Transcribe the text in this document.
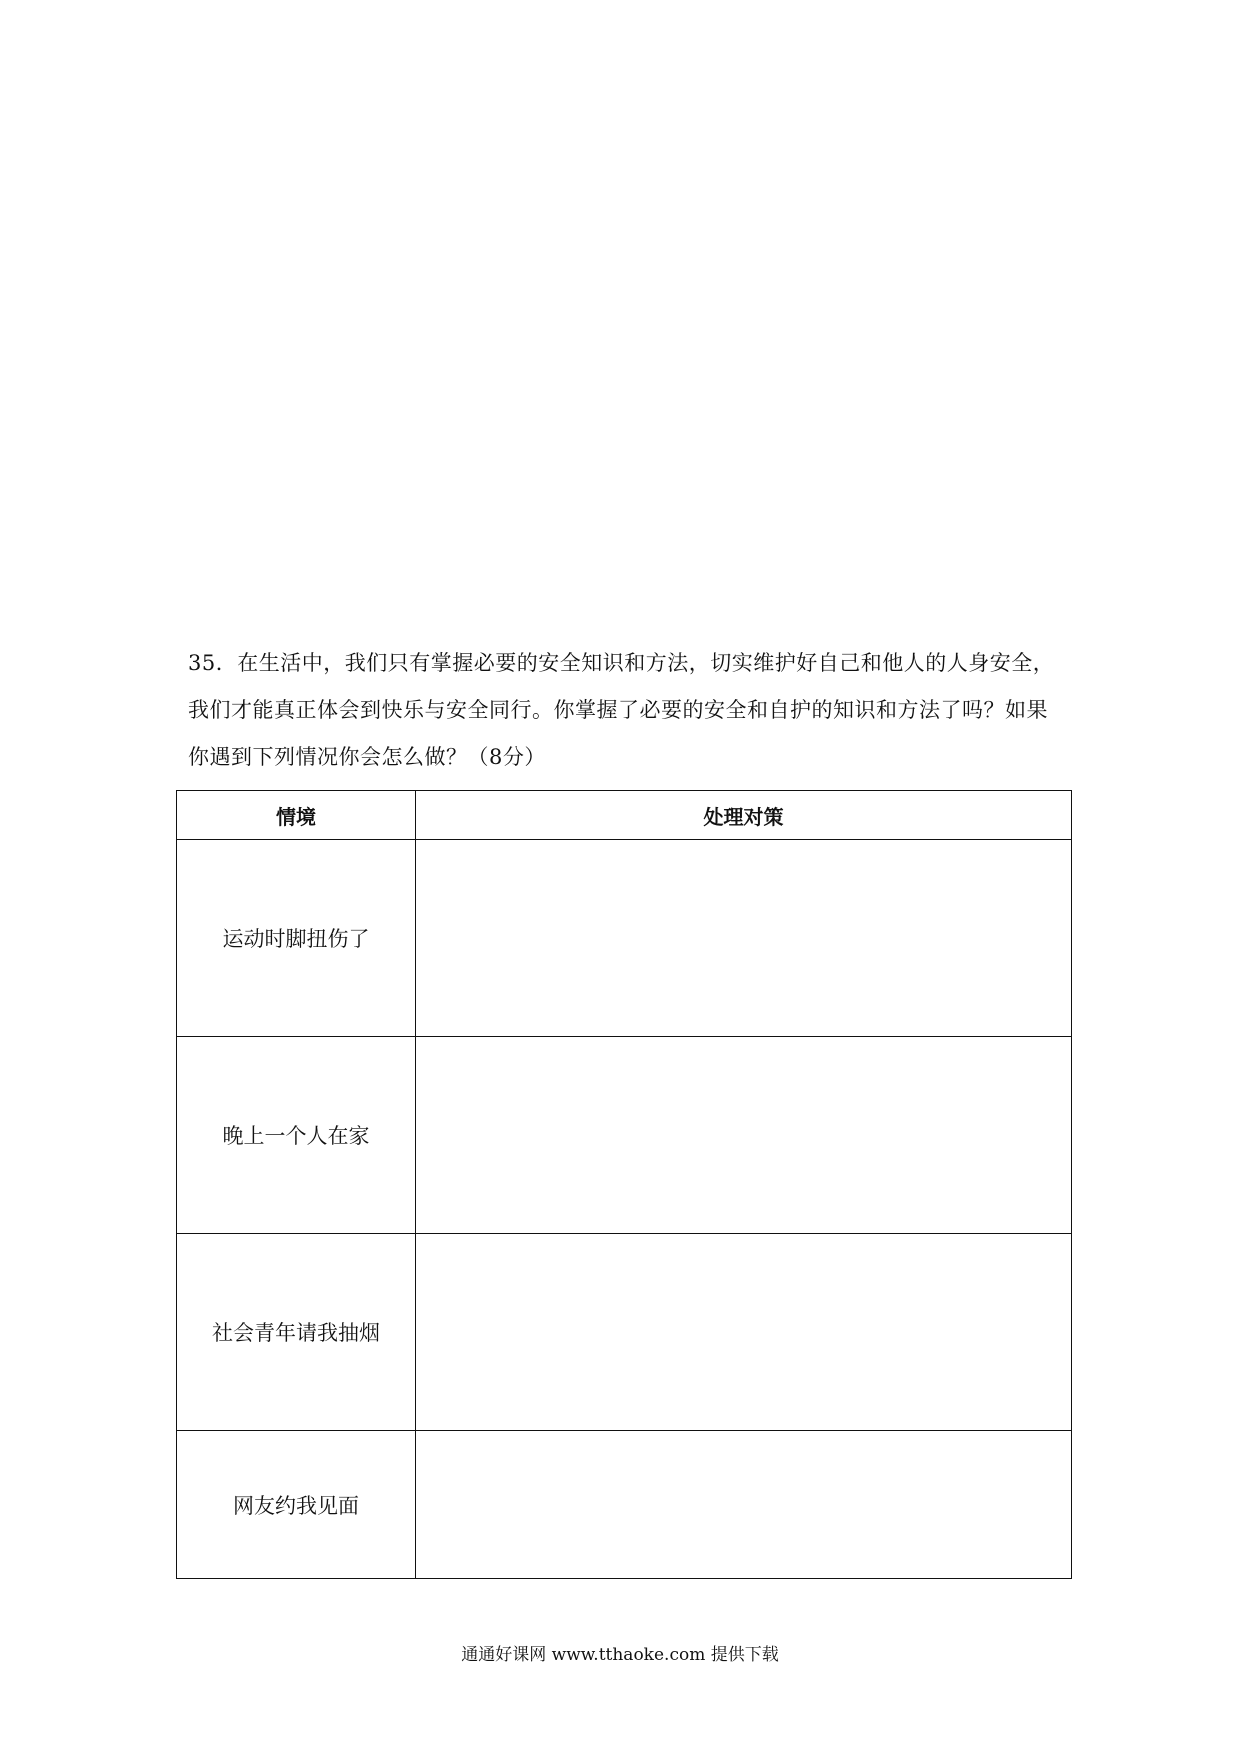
35．在生活中，我们只有掌握必要的安全知识和方法，切实维护好自己和他人的人身安全，
我们才能真正体会到快乐与安全同行。你掌握了必要的安全和自护的知识和方法了吗？如果
你遇到下列情况你会怎么做？（8分）
情境	处理对策
运动时脚扭伤了	
晚上一个人在家	
社会青年请我抽烟	
网友约我见面	
通通好课网 www.tthaoke.com 提供下载
